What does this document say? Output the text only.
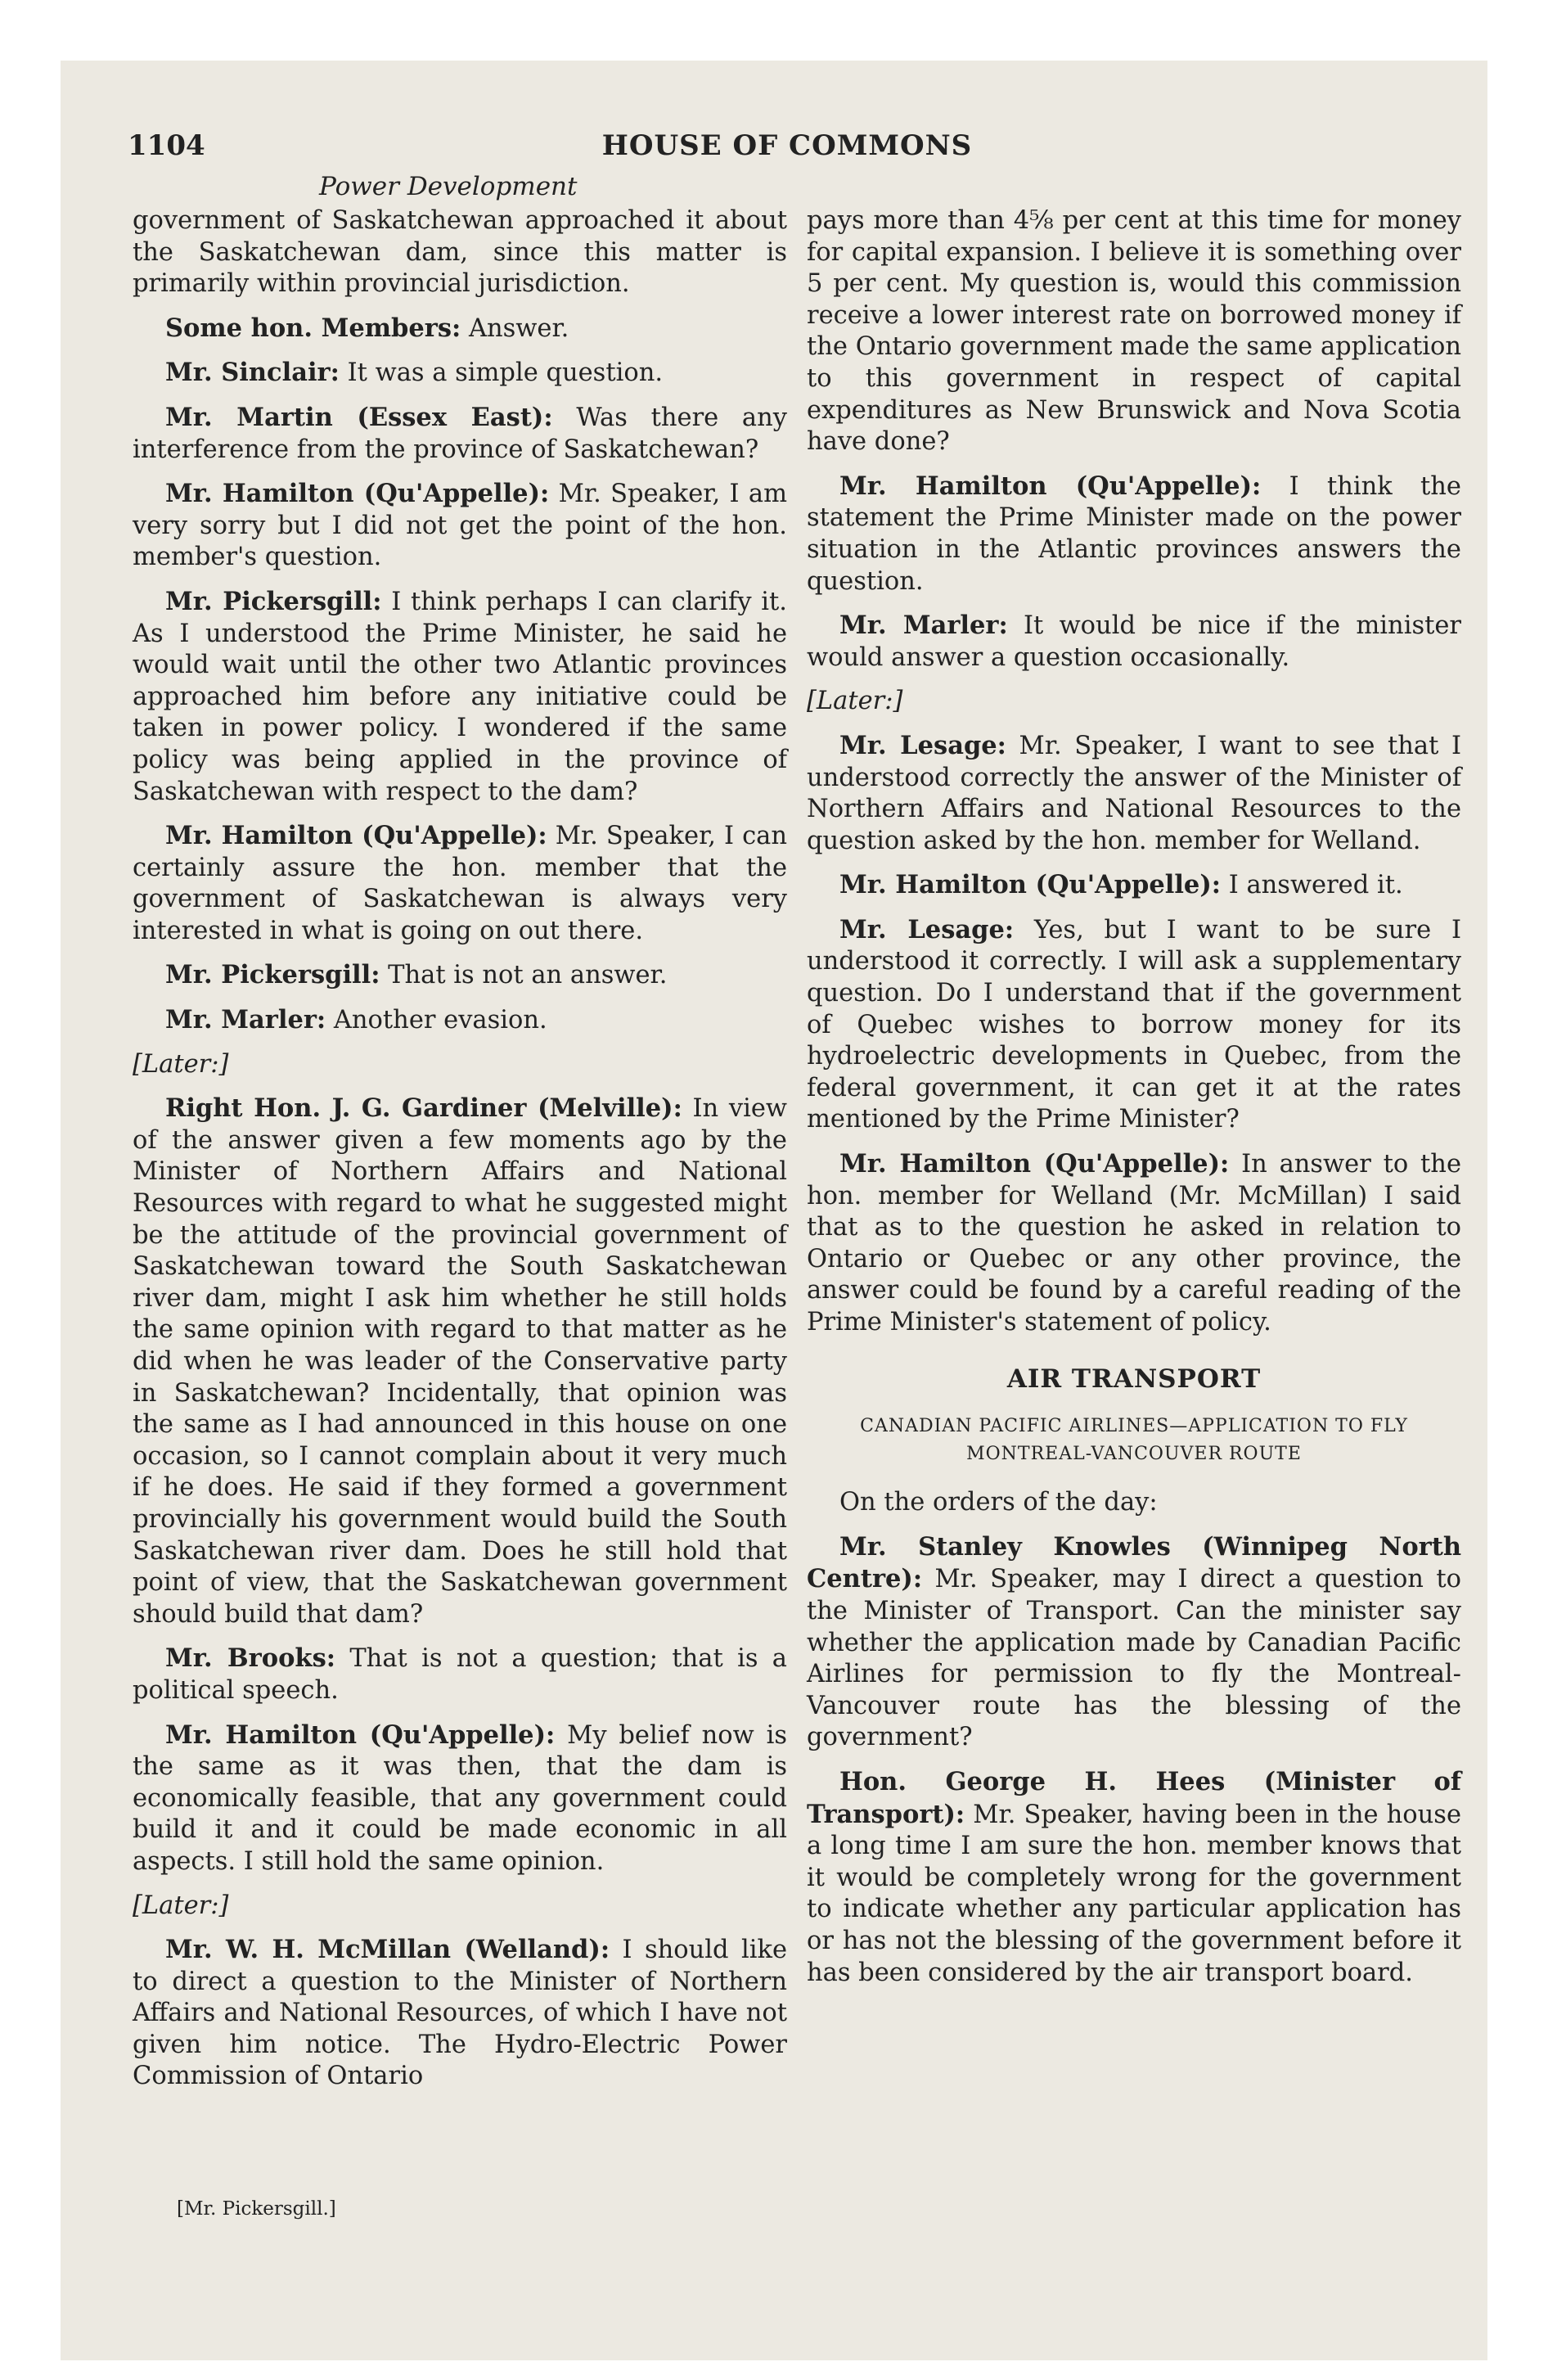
1104	HOUSE OF COMMONS
Power Development

government of Saskatchewan approached it about the Saskatchewan dam, since this matter is primarily within provincial jurisdiction.

Some hon. Members: Answer.

Mr. Sinclair: It was a simple question.

Mr. Martin (Essex East): Was there any interference from the province of Saskatchewan?

Mr. Hamilton (Qu'Appelle): Mr. Speaker, I am very sorry but I did not get the point of the hon. member's question.

Mr. Pickersgill: I think perhaps I can clarify it. As I understood the Prime Minister, he said he would wait until the other two Atlantic provinces approached him before any initiative could be taken in power policy. I wondered if the same policy was being applied in the province of Saskatchewan with respect to the dam?

Mr. Hamilton (Qu'Appelle): Mr. Speaker, I can certainly assure the hon. member that the government of Saskatchewan is always very interested in what is going on out there.

Mr. Pickersgill: That is not an answer.

Mr. Marler: Another evasion.

[Later:]

Right Hon. J. G. Gardiner (Melville): In view of the answer given a few moments ago by the Minister of Northern Affairs and National Resources with regard to what he suggested might be the attitude of the provincial government of Saskatchewan toward the South Saskatchewan river dam, might I ask him whether he still holds the same opinion with regard to that matter as he did when he was leader of the Conservative party in Saskatchewan? Incidentally, that opinion was the same as I had announced in this house on one occasion, so I cannot complain about it very much if he does. He said if they formed a government provincially his government would build the South Saskatchewan river dam. Does he still hold that point of view, that the Saskatchewan government should build that dam?

Mr. Brooks: That is not a question; that is a political speech.

Mr. Hamilton (Qu'Appelle): My belief now is the same as it was then, that the dam is economically feasible, that any government could build it and it could be made economic in all aspects. I still hold the same opinion.

[Later:]

Mr. W. H. McMillan (Welland): I should like to direct a question to the Minister of Northern Affairs and National Resources, of which I have not given him notice. The Hydro-Electric Power Commission of Ontario

pays more than 4⅝ per cent at this time for money for capital expansion. I believe it is something over 5 per cent. My question is, would this commission receive a lower interest rate on borrowed money if the Ontario government made the same application to this government in respect of capital expenditures as New Brunswick and Nova Scotia have done?

Mr. Hamilton (Qu'Appelle): I think the statement the Prime Minister made on the power situation in the Atlantic provinces answers the question.

Mr. Marler: It would be nice if the minister would answer a question occasionally.

[Later:]

Mr. Lesage: Mr. Speaker, I want to see that I understood correctly the answer of the Minister of Northern Affairs and National Resources to the question asked by the hon. member for Welland.

Mr. Hamilton (Qu'Appelle): I answered it.

Mr. Lesage: Yes, but I want to be sure I understood it correctly. I will ask a supplementary question. Do I understand that if the government of Quebec wishes to borrow money for its hydroelectric developments in Quebec, from the federal government, it can get it at the rates mentioned by the Prime Minister?

Mr. Hamilton (Qu'Appelle): In answer to the hon. member for Welland (Mr. McMillan) I said that as to the question he asked in relation to Ontario or Quebec or any other province, the answer could be found by a careful reading of the Prime Minister's statement of policy.

AIR TRANSPORT
CANADIAN PACIFIC AIRLINES—APPLICATION TO FLY MONTREAL-VANCOUVER ROUTE

On the orders of the day:

Mr. Stanley Knowles (Winnipeg North Centre): Mr. Speaker, may I direct a question to the Minister of Transport. Can the minister say whether the application made by Canadian Pacific Airlines for permission to fly the Montreal-Vancouver route has the blessing of the government?

Hon. George H. Hees (Minister of Transport): Mr. Speaker, having been in the house a long time I am sure the hon. member knows that it would be completely wrong for the government to indicate whether any particular application has or has not the blessing of the government before it has been considered by the air transport board.

[Mr. Pickersgill.]
